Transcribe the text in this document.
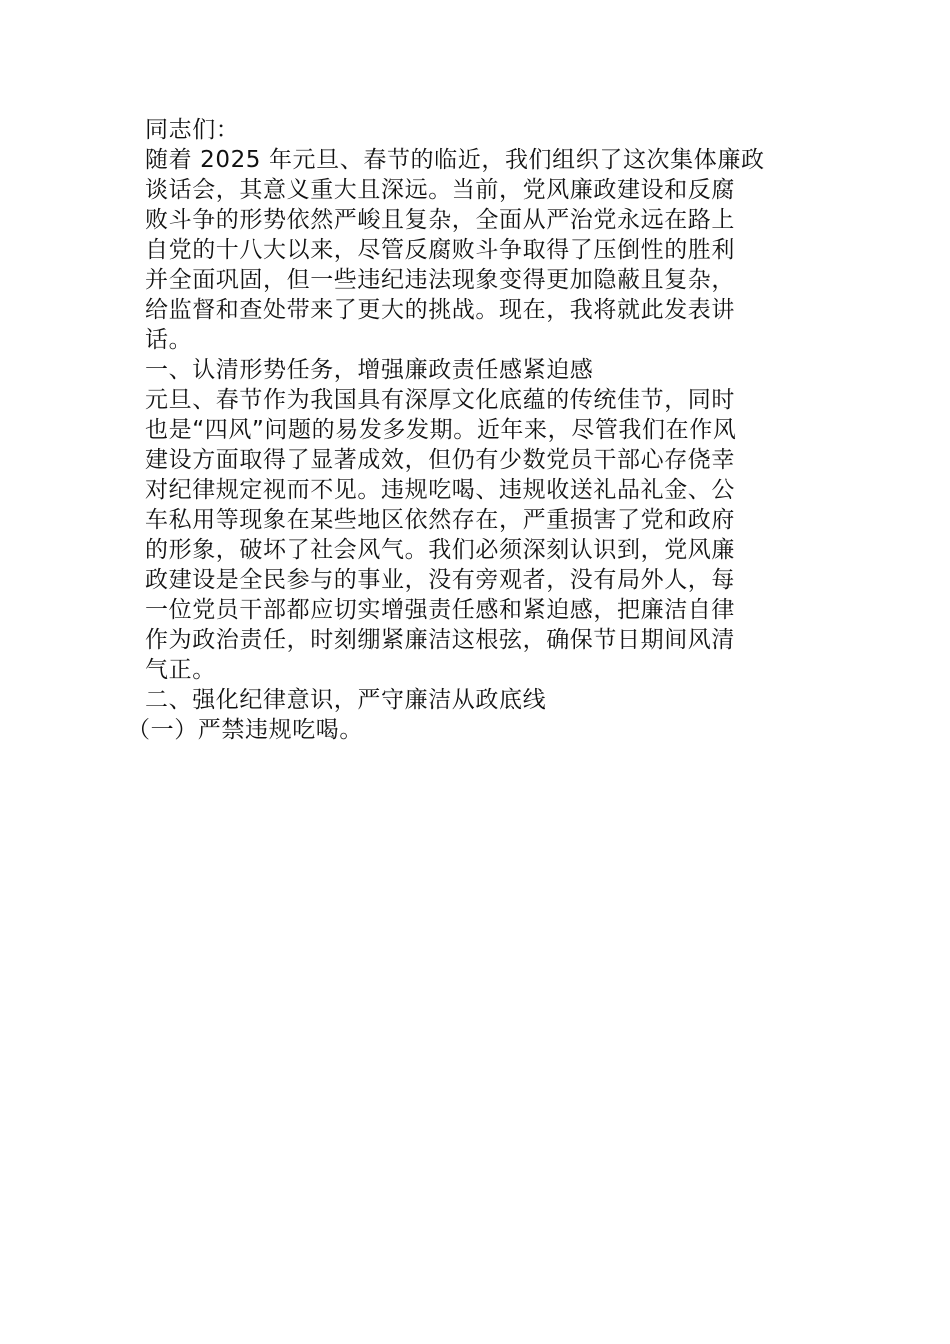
同志们：
随着 2025 年元旦、春节的临近，我们组织了这次集体廉政
谈话会，其意义重大且深远。当前，党风廉政建设和反腐
败斗争的形势依然严峻且复杂，全面从严治党永远在路上
自党的十八大以来，尽管反腐败斗争取得了压倒性的胜利
并全面巩固，但一些违纪违法现象变得更加隐蔽且复杂，
给监督和查处带来了更大的挑战。现在，我将就此发表讲
话。
一、认清形势任务，增强廉政责任感紧迫感
元旦、春节作为我国具有深厚文化底蕴的传统佳节，同时
也是“四风”问题的易发多发期。近年来，尽管我们在作风
建设方面取得了显著成效，但仍有少数党员干部心存侥幸
对纪律规定视而不见。违规吃喝、违规收送礼品礼金、公
车私用等现象在某些地区依然存在，严重损害了党和政府
的形象，破坏了社会风气。我们必须深刻认识到，党风廉
政建设是全民参与的事业，没有旁观者，没有局外人，每
一位党员干部都应切实增强责任感和紧迫感，把廉洁自律
作为政治责任，时刻绷紧廉洁这根弦，确保节日期间风清
气正。
二、强化纪律意识，严守廉洁从政底线
（一）严禁违规吃喝。
